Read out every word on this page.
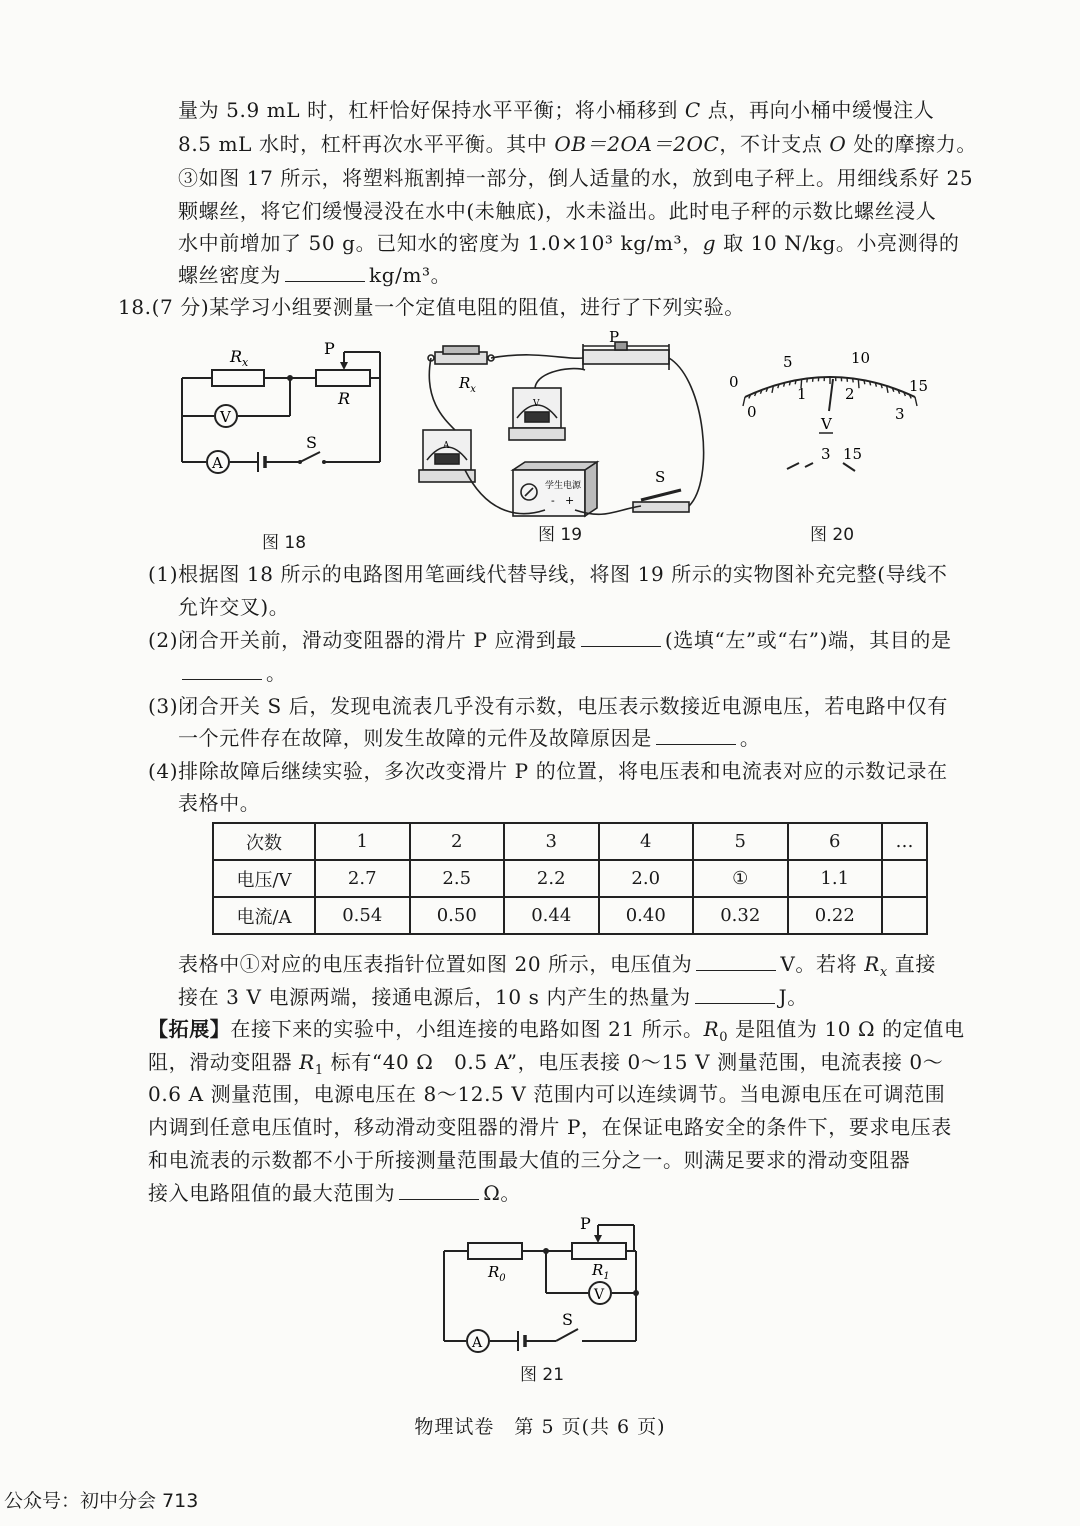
量为 5.9 mL 时，杠杆恰好保持水平平衡；将小桶移到 C 点，再向小桶中缓慢注人
8.5 mL 水时，杠杆再次水平平衡。其中 OB＝2OA＝2OC，不计支点 O 处的摩擦力。
③如图 17 所示，将塑料瓶割掉一部分，倒人适量的水，放到电子秤上。用细线系好 25
颗螺丝，将它们缓慢浸没在水中(未触底)，水未溢出。此时电子秤的示数比螺丝浸人
水中前增加了 50 g。已知水的密度为 1.0×10³ kg/m³，g 取 10 N/kg。小亮测得的
螺丝密度为	kg/m³。
18.(7 分)某学习小组要测量一个定值电阻的阻值，进行了下列实验。
$R_x$
P
R
V
A
S
图 18
$R_x$
P
S
学生电源
- +
V
A
图 19
0
5	10
15
0
1	2
3
V
3 15
图 20
(1)根据图 18 所示的电路图用笔画线代替导线，将图 19 所示的实物图补充完整(导线不
允许交叉)。
(2)闭合开关前，滑动变阻器的滑片 P 应滑到最	(选填“左”或“右”)端，其目的是
。
(3)闭合开关 S 后，发现电流表几乎没有示数，电压表示数接近电源电压，若电路中仅有
一个元件存在故障，则发生故障的元件及故障原因是	。
(4)排除故障后继续实验，多次改变滑片 P 的位置，将电压表和电流表对应的示数记录在
表格中。
次数	1	2	3	4	5	6	…
电压/V	2.7	2.5	2.2	2.0	①	1.1	
电流/A	0.54	0.50	0.44	0.40	0.32	0.22	
表格中①对应的电压表指针位置如图 20 所示，电压值为	V。若将 $R_x$ 直接
接在 3 V 电源两端，接通电源后，10 s 内产生的热量为	J。
【拓展】在接下来的实验中，小组连接的电路如图 21 所示。$R_0$ 是阻值为 10 Ω 的定值电
阻，滑动变阻器 $R_1$ 标有“40 Ω　0.5 A”，电压表接 0～15 V 测量范围，电流表接 0～
0.6 A 测量范围，电源电压在 8～12.5 V 范围内可以连续调节。当电源电压在可调范围
内调到任意电压值时，移动滑动变阻器的滑片 P，在保证电路安全的条件下，要求电压表
和电流表的示数都不小于所接测量范围最大值的三分之一。则满足要求的滑动变阻器
接入电路阻值的最大范围为	Ω。
P
$R_0$	$R_1$
V
A
S
图 21
物理试卷　第 5 页(共 6 页)
公众号：初中分会 713
